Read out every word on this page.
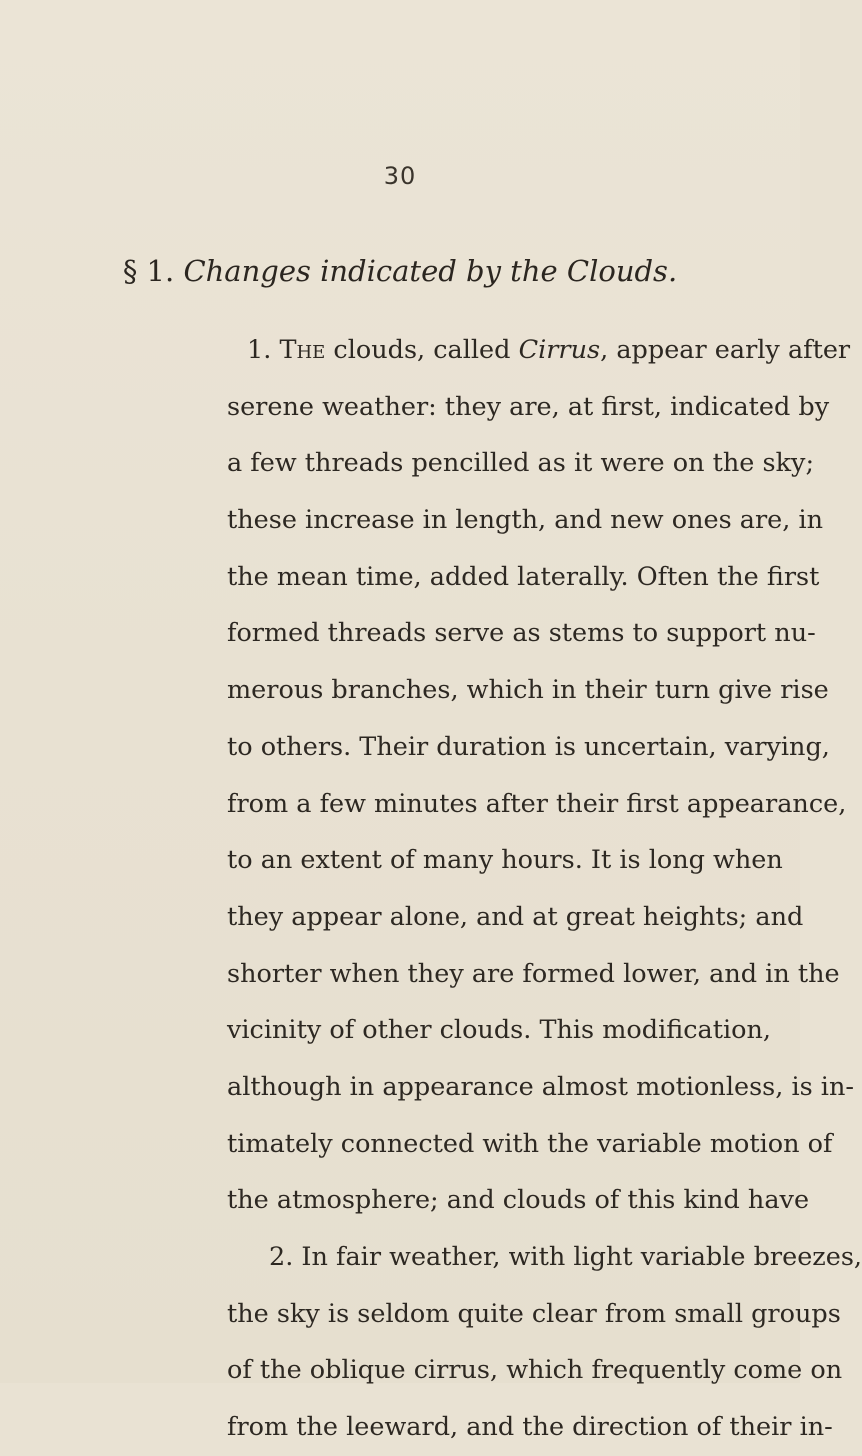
30
§ 1. Changes indicated by the Clouds.
1. The clouds, called Cirrus, appear early after
serene weather: they are, at first, indicated by
a few threads pencilled as it were on the sky;
these increase in length, and new ones are, in
the mean time, added laterally. Often the first
formed threads serve as stems to support nu-
merous branches, which in their turn give rise
to others. Their duration is uncertain, varying,
from a few minutes after their first appearance,
to an extent of many hours. It is long when
they appear alone, and at great heights; and
shorter when they are formed lower, and in the
vicinity of other clouds. This modification,
although in appearance almost motionless, is in-
timately connected with the variable motion of
the atmosphere; and clouds of this kind have
2. In fair weather, with light variable breezes,
the sky is seldom quite clear from small groups
of the oblique cirrus, which frequently come on
from the leeward, and the direction of their in-
